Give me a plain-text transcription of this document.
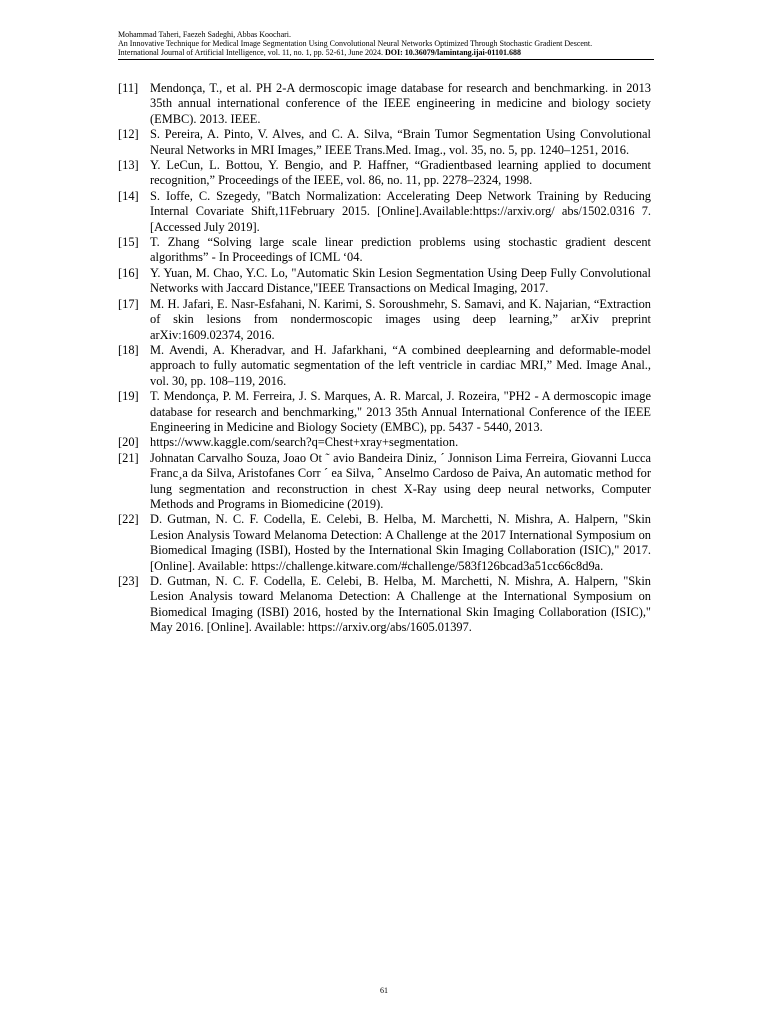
Mohammad Taheri, Faezeh Sadeghi, Abbas Koochari.
An Innovative Technique for Medical Image Segmentation Using Convolutional Neural Networks Optimized Through Stochastic Gradient Descent.
International Journal of Artificial Intelligence, vol. 11, no. 1, pp. 52-61, June 2024. DOI: 10.36079/lamintang.ijai-01101.688
[11] Mendonça, T., et al. PH 2-A dermoscopic image database for research and benchmarking. in 2013 35th annual international conference of the IEEE engineering in medicine and biology society (EMBC). 2013. IEEE.
[12] S. Pereira, A. Pinto, V. Alves, and C. A. Silva, “Brain Tumor Segmentation Using Convolutional Neural Networks in MRI Images,” IEEE Trans.Med. Imag., vol. 35, no. 5, pp. 1240–1251, 2016.
[13] Y. LeCun, L. Bottou, Y. Bengio, and P. Haffner, “Gradientbased learning applied to document recognition,” Proceedings of the IEEE, vol. 86, no. 11, pp. 2278–2324, 1998.
[14] S. Ioffe, C. Szegedy, "Batch Normalization: Accelerating Deep Network Training by Reducing Internal Covariate Shift,11February 2015. [Online].Available:https://arxiv.org/ abs/1502.0316 7. [Accessed July 2019].
[15] T. Zhang “Solving large scale linear prediction problems using stochastic gradient descent algorithms” - In Proceedings of ICML ‘04.
[16] Y. Yuan, M. Chao, Y.C. Lo, "Automatic Skin Lesion Segmentation Using Deep Fully Convolutional Networks with Jaccard Distance,"IEEE Transactions on Medical Imaging, 2017.
[17] M. H. Jafari, E. Nasr-Esfahani, N. Karimi, S. Soroushmehr, S. Samavi, and K. Najarian, “Extraction of skin lesions from nondermoscopic images using deep learning,” arXiv preprint arXiv:1609.02374, 2016.
[18] M. Avendi, A. Kheradvar, and H. Jafarkhani, “A combined deeplearning and deformable-model approach to fully automatic segmentation of the left ventricle in cardiac MRI,” Med. Image Anal., vol. 30, pp. 108–119, 2016.
[19] T. Mendonça, P. M. Ferreira, J. S. Marques, A. R. Marcal, J. Rozeira, "PH2 - A dermoscopic image database for research and benchmarking," 2013 35th Annual International Conference of the IEEE Engineering in Medicine and Biology Society (EMBC), pp. 5437 - 5440, 2013.
[20] https://www.kaggle.com/search?q=Chest+xray+segmentation.
[21] Johnatan Carvalho Souza, Joao Ot ˜ avio Bandeira Diniz, ´ Jonnison Lima Ferreira, Giovanni Lucca Franc¸a da Silva, Aristofanes Corr ´ ea Silva, ˆ Anselmo Cardoso de Paiva, An automatic method for lung segmentation and reconstruction in chest X-Ray using deep neural networks, Computer Methods and Programs in Biomedicine (2019).
[22] D. Gutman, N. C. F. Codella, E. Celebi, B. Helba, M. Marchetti, N. Mishra, A. Halpern, "Skin Lesion Analysis Toward Melanoma Detection: A Challenge at the 2017 International Symposium on Biomedical Imaging (ISBI), Hosted by the International Skin Imaging Collaboration (ISIC)," 2017. [Online]. Available: https://challenge.kitware.com/#challenge/583f126bcad3a51cc66c8d9a.
[23] D. Gutman, N. C. F. Codella, E. Celebi, B. Helba, M. Marchetti, N. Mishra, A. Halpern, "Skin Lesion Analysis toward Melanoma Detection: A Challenge at the International Symposium on Biomedical Imaging (ISBI) 2016, hosted by the International Skin Imaging Collaboration (ISIC)," May 2016. [Online]. Available: https://arxiv.org/abs/1605.01397.
61
